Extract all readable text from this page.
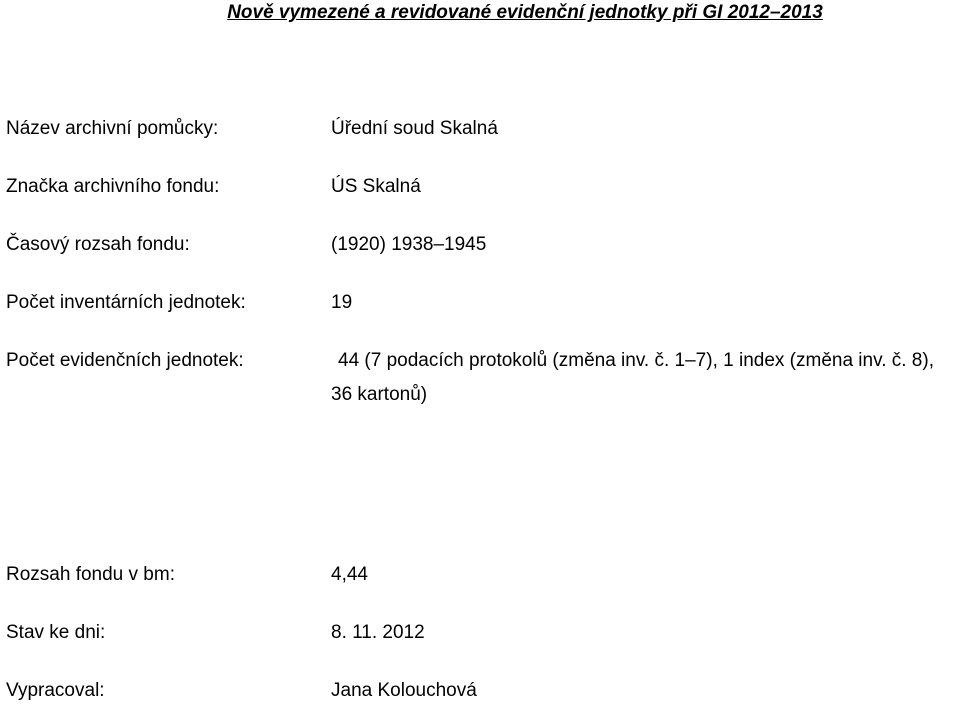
Nově vymezené a revidované evidenční jednotky při GI 2012–2013
Název archivní pomůcky:	Úřední soud Skalná
Značka archivního fondu:	ÚS Skalná
Časový rozsah fondu:	(1920) 1938–1945
Počet inventárních jednotek:	19
Počet evidenčních jednotek:	44 (7 podacích protokolů (změna inv. č. 1–7), 1 index (změna inv. č. 8), 36 kartonů)
Rozsah fondu v bm:	4,44
Stav ke dni:	8. 11. 2012
Vypracoval:	Jana Kolouchová
